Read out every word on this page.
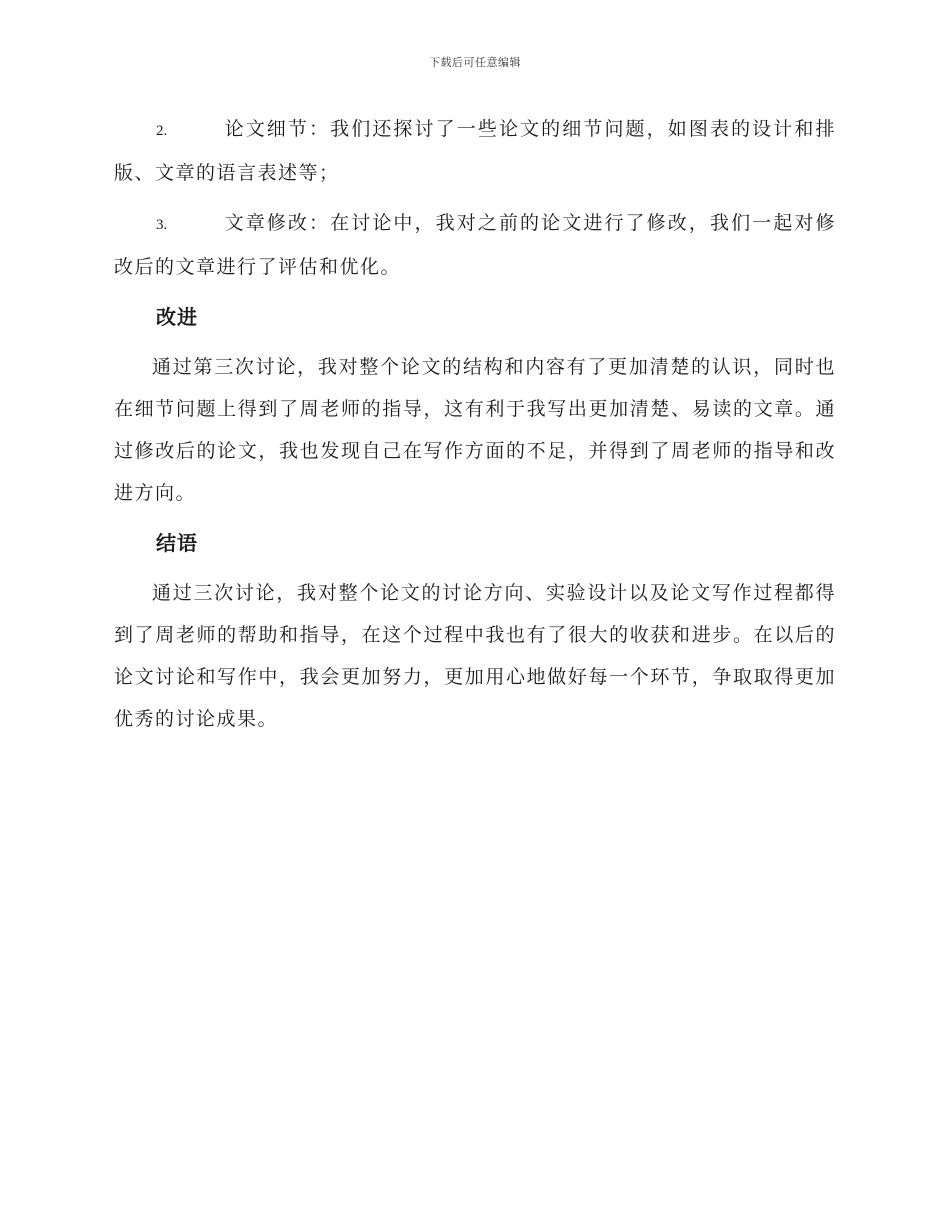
下载后可任意编辑

2.	论文细节：我们还探讨了一些论文的细节问题，如图表的设计和排版、文章的语言表述等；

3.	文章修改：在讨论中，我对之前的论文进行了修改，我们一起对修改后的文章进行了评估和优化。

改进

通过第三次讨论，我对整个论文的结构和内容有了更加清楚的认识，同时也在细节问题上得到了周老师的指导，这有利于我写出更加清楚、易读的文章。通过修改后的论文，我也发现自己在写作方面的不足，并得到了周老师的指导和改进方向。

结语

通过三次讨论，我对整个论文的讨论方向、实验设计以及论文写作过程都得到了周老师的帮助和指导，在这个过程中我也有了很大的收获和进步。在以后的论文讨论和写作中，我会更加努力，更加用心地做好每一个环节，争取取得更加优秀的讨论成果。
